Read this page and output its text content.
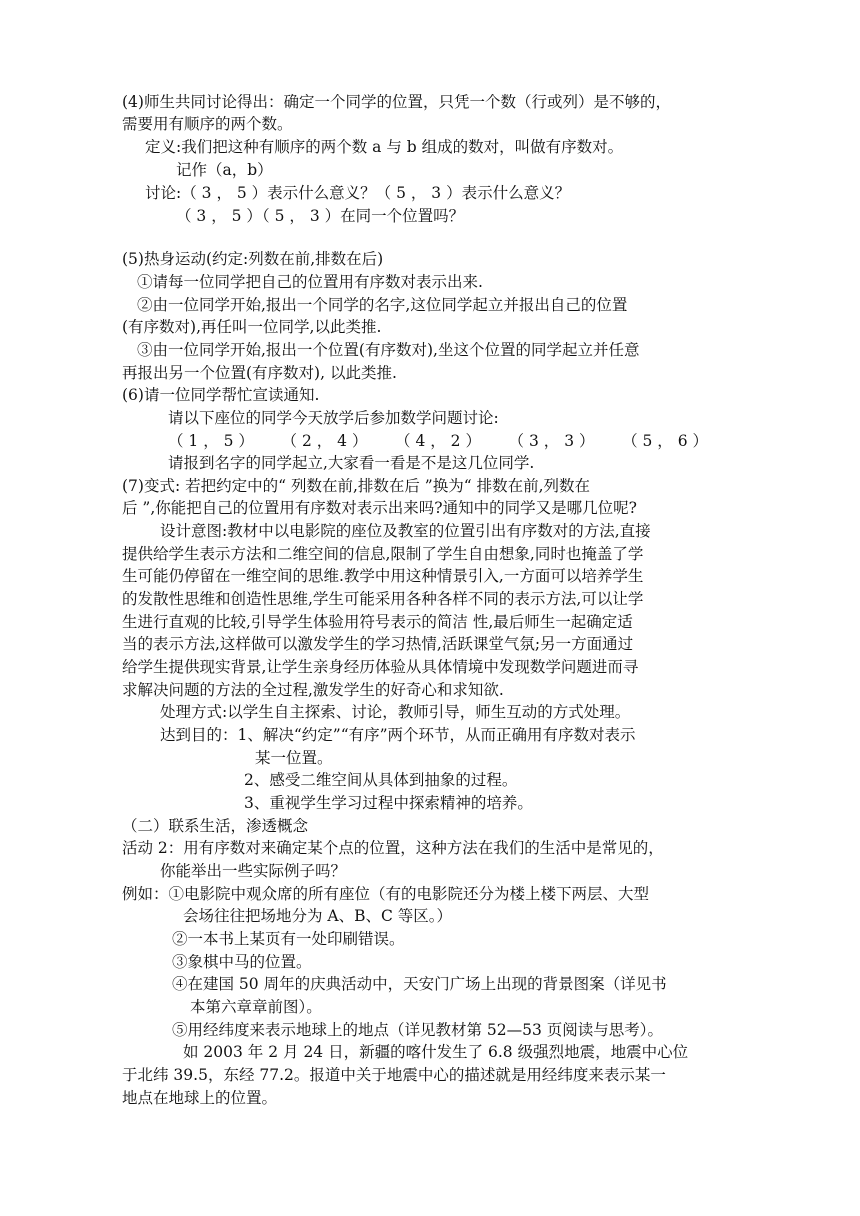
(4)师生共同讨论得出：确定一个同学的位置，只凭一个数（行或列）是不够的，
需要用有顺序的两个数。
定义:我们把这种有顺序的两个数 a 与 b 组成的数对，叫做有序数对。
记作（a，b）
讨论:（ 3 ， 5 ）表示什么意义？（ 5 ， 3 ）表示什么意义？
（ 3 ， 5 ）（ 5 ， 3 ）在同一个位置吗？
(5)热身运动(约定:列数在前,排数在后)
①请每一位同学把自己的位置用有序数对表示出来.
②由一位同学开始,报出一个同学的名字,这位同学起立并报出自己的位置
(有序数对),再任叫一位同学,以此类推.
③由一位同学开始,报出一个位置(有序数对),坐这个位置的同学起立并任意
再报出另一个位置(有序数对), 以此类推.
(6)请一位同学帮忙宣读通知.
请以下座位的同学今天放学后参加数学问题讨论:
（ 1 ， 5 ） （ 2 ， 4 ） （ 4 ， 2 ） （ 3 ， 3 ） （ 5 ， 6 ）
请报到名字的同学起立,大家看一看是不是这几位同学.
(7)变式: 若把约定中的“ 列数在前,排数在后 ”换为“ 排数在前,列数在
后 ”,你能把自己的位置用有序数对表示出来吗?通知中的同学又是哪几位呢?
设计意图:教材中以电影院的座位及教室的位置引出有序数对的方法,直接
提供给学生表示方法和二维空间的信息,限制了学生自由想象,同时也掩盖了学
生可能仍停留在一维空间的思维.教学中用这种情景引入,一方面可以培养学生
的发散性思维和创造性思维,学生可能采用各种各样不同的表示方法,可以让学
生进行直观的比较,引导学生体验用符号表示的简洁 性,最后师生一起确定适
当的表示方法,这样做可以激发学生的学习热情,活跃课堂气氛;另一方面通过
给学生提供现实背景,让学生亲身经历体验从具体情境中发现数学问题进而寻
求解决问题的方法的全过程,激发学生的好奇心和求知欲.
处理方式:以学生自主探索、讨论，教师引导，师生互动的方式处理。
达到目的：1、解决“约定”“有序”两个环节，从而正确用有序数对表示
某一位置。
2、感受二维空间从具体到抽象的过程。
3、重视学生学习过程中探索精神的培养。
（二）联系生活，渗透概念
活动 2：用有序数对来确定某个点的位置，这种方法在我们的生活中是常见的，
你能举出一些实际例子吗？
例如：①电影院中观众席的所有座位（有的电影院还分为楼上楼下两层、大型
会场往往把场地分为 A、B、C 等区。）
②一本书上某页有一处印刷错误。
③象棋中马的位置。
④在建国 50 周年的庆典活动中，天安门广场上出现的背景图案（详见书
本第六章章前图）。
⑤用经纬度来表示地球上的地点（详见教材第 52—53 页阅读与思考）。
如 2003 年 2 月 24 日，新疆的喀什发生了 6.8 级强烈地震，地震中心位
于北纬 39.5，东经 77.2。报道中关于地震中心的描述就是用经纬度来表示某一
地点在地球上的位置。
